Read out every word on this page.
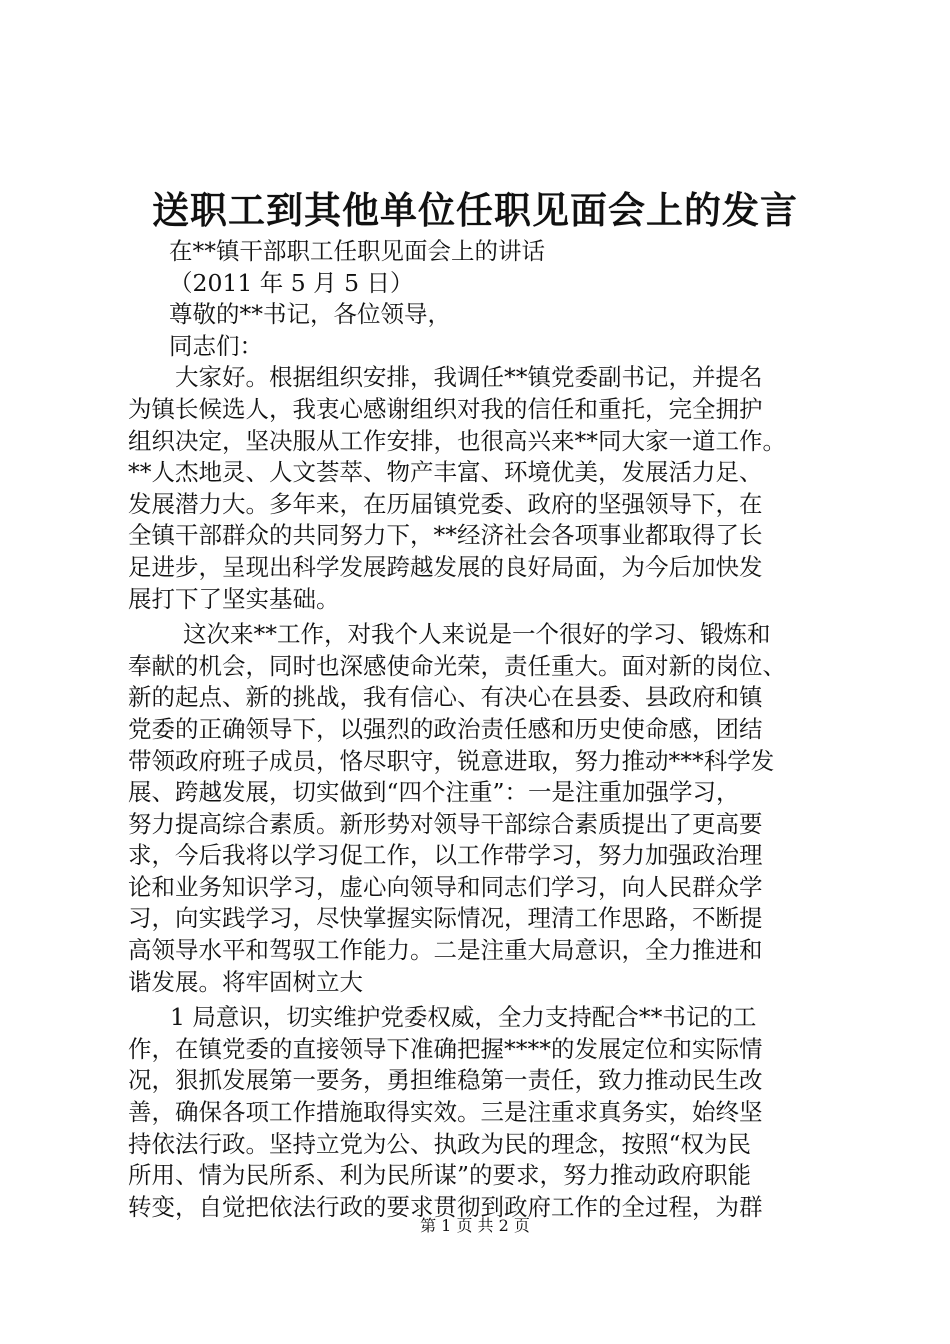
送职工到其他单位任职见面会上的发言
在**镇干部职工任职见面会上的讲话
（2011 年 5 月 5 日）
尊敬的**书记，各位领导，
同志们：
大家好。根据组织安排，我调任**镇党委副书记，并提名
为镇长候选人，我衷心感谢组织对我的信任和重托，完全拥护
组织决定，坚决服从工作安排，也很高兴来**同大家一道工作。
**人杰地灵、人文荟萃、物产丰富、环境优美，发展活力足、
发展潜力大。多年来，在历届镇党委、政府的坚强领导下，在
全镇干部群众的共同努力下，**经济社会各项事业都取得了长
足进步，呈现出科学发展跨越发展的良好局面，为今后加快发
展打下了坚实基础。
这次来**工作，对我个人来说是一个很好的学习、锻炼和
奉献的机会，同时也深感使命光荣，责任重大。面对新的岗位、
新的起点、新的挑战，我有信心、有决心在县委、县政府和镇
党委的正确领导下，以强烈的政治责任感和历史使命感，团结
带领政府班子成员，恪尽职守，锐意进取，努力推动***科学发
展、跨越发展，切实做到“四个注重”：一是注重加强学习，
努力提高综合素质。新形势对领导干部综合素质提出了更高要
求，今后我将以学习促工作，以工作带学习，努力加强政治理
论和业务知识学习，虚心向领导和同志们学习，向人民群众学
习，向实践学习，尽快掌握实际情况，理清工作思路，不断提
高领导水平和驾驭工作能力。二是注重大局意识，全力推进和
谐发展。将牢固树立大
1 局意识，切实维护党委权威，全力支持配合**书记的工
作，在镇党委的直接领导下准确把握****的发展定位和实际情
况，狠抓发展第一要务，勇担维稳第一责任，致力推动民生改
善，确保各项工作措施取得实效。三是注重求真务实，始终坚
持依法行政。坚持立党为公、执政为民的理念，按照“权为民
所用、情为民所系、利为民所谋”的要求，努力推动政府职能
转变，自觉把依法行政的要求贯彻到政府工作的全过程，为群
第 1 页 共 2 页
